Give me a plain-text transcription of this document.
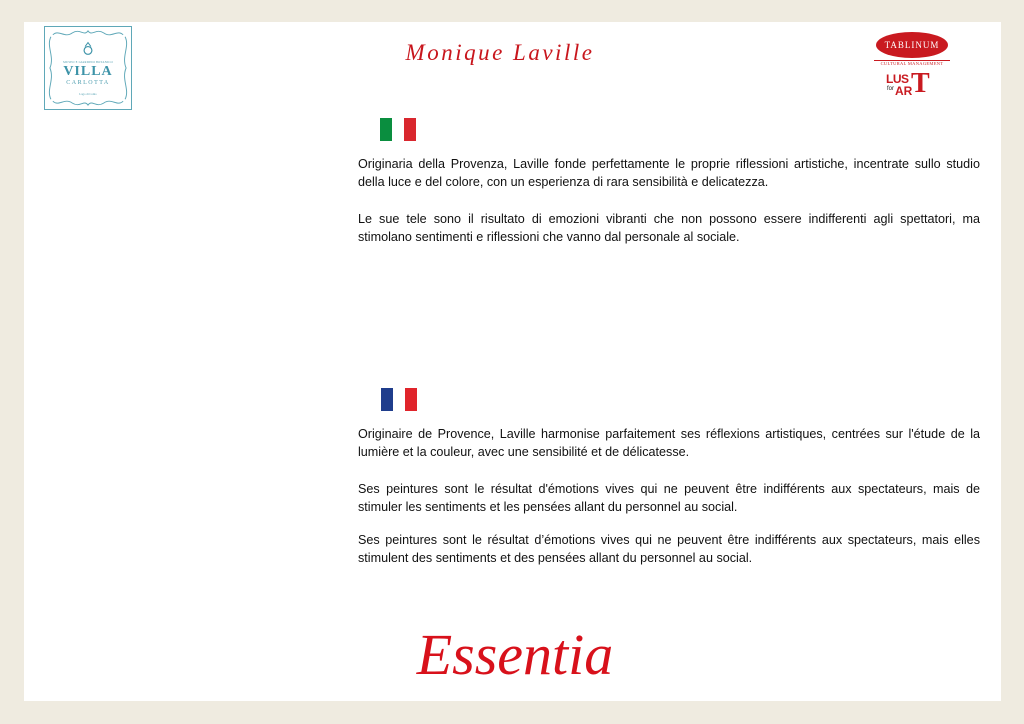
MUSEO E GIARDINO BOTANICO
VILLA
CARLOTTA
Lago di Como
Monique Laville	TABLINUM
CULTURAL MANAGEMENT
LUS T
for AR

Originaria della Provenza, Laville fonde perfettamente le proprie riflessioni artistiche, incentrate sullo studio della luce e del colore, con un esperienza di rara sensibilità e delicatezza.

Le sue tele sono il risultato di emozioni vibranti che non possono essere indifferenti agli spettatori, ma stimolano sentimenti e riflessioni che vanno dal personale al sociale.

Originaire de Provence, Laville harmonise parfaitement ses réflexions artistiques, centrées sur l'étude de la lumière et la couleur, avec une sensibilité et de délicatesse.

Ses peintures sont le résultat d'émotions vives qui ne peuvent être indifférents aux spectateurs, mais de stimuler les sentiments et les pensées allant du personnel au social.

Ses peintures sont le résultat d’émotions vives qui ne peuvent être indifférents aux spectateurs, mais elles stimulent des sentiments et des pensées allant du personnel au social.

Essentia
